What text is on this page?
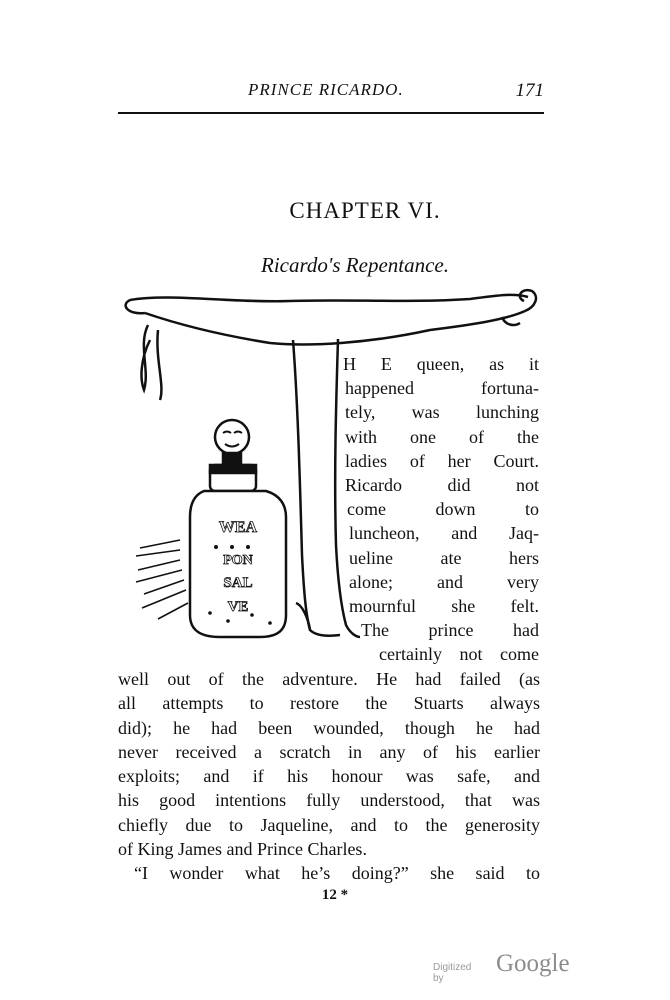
PRINCE RICARDO.	171
CHAPTER VI.
Ricardo's Repentance.
WEA
PON
SAL
VE
H E queen, as it
happened fortuna-
tely, was lunching
with one of the
ladies of her Court.
Ricardo did not
come down to
luncheon, and Jaq-
ueline ate hers
alone; and very
mournful she felt.
The prince had
certainly not come
well out of the adventure. He had failed (as
all attempts to restore the Stuarts always
did); he had been wounded, though he had
never received a scratch in any of his earlier
exploits; and if his honour was safe, and
his good intentions fully understood, that was
chiefly due to Jaqueline, and to the generosity
of King James and Prince Charles.
“I wonder what he’s doing?” she said to
12 *
Digitized by
Google
